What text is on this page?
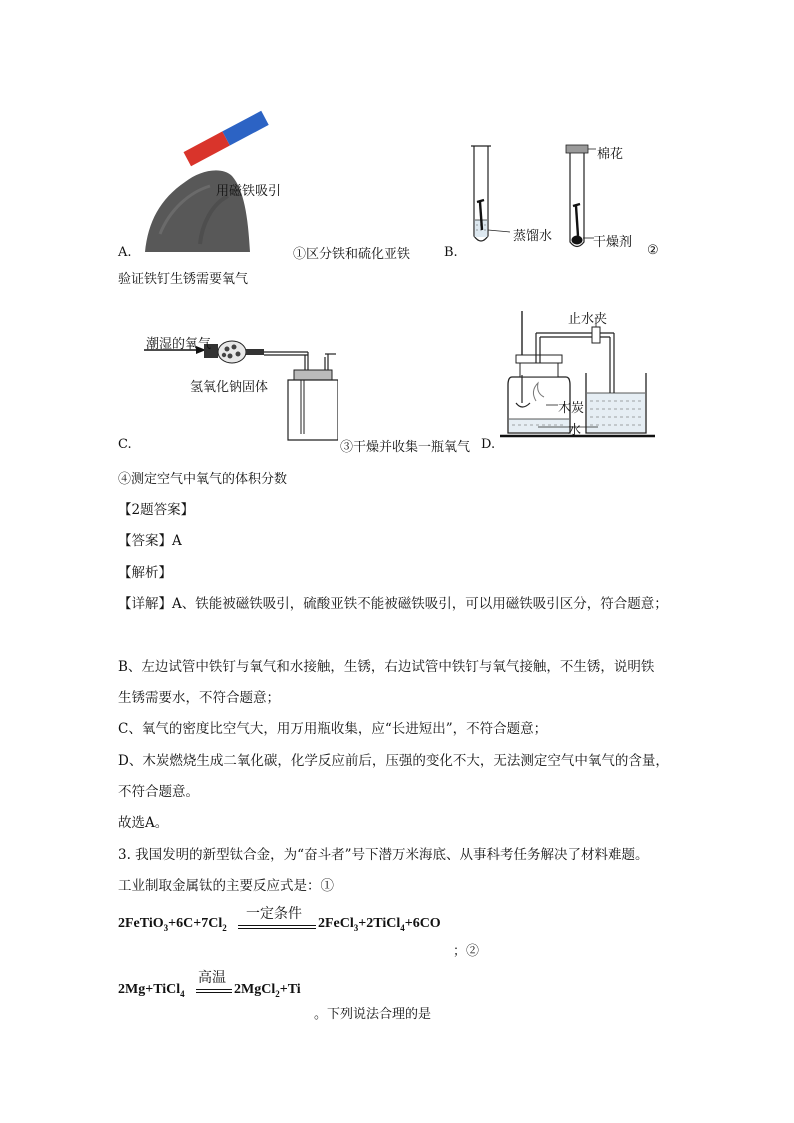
用磁铁吸引
A.	①区分铁和硫化亚铁
棉花
蒸馏水	干燥剂
B.	②
验证铁钉生锈需要氧气
潮湿的氧气
氢氧化钠固体
C.	③干燥并收集一瓶氧气 D.
止水夹
木炭
水
④测定空气中氧气的体积分数
【2题答案】
【答案】A
【解析】
【详解】A、铁能被磁铁吸引，硫酸亚铁不能被磁铁吸引，可以用磁铁吸引区分，符合题意；
B、左边试管中铁钉与氧气和水接触，生锈，右边试管中铁钉与氧气接触，不生锈，说明铁
生锈需要水，不符合题意；
C、氧气的密度比空气大，用万用瓶收集，应“长进短出”，不符合题意；
D、木炭燃烧生成二氧化碳，化学反应前后，压强的变化不大，无法测定空气中氧气的含量，
不符合题意。
故选A。
3. 我国发明的新型钛合金，为“奋斗者”号下潜万米海底、从事科考任务解决了材料难题。
工业制取金属钛的主要反应式是：①
$2FeTiO_3+6C+7Cl_2$
一定条件
2FeCl$_3$+2TiCl$_4$+6CO
；②
2Mg+TiCl$_4$
高温
2MgCl$_2$+Ti
。下列说法合理的是
